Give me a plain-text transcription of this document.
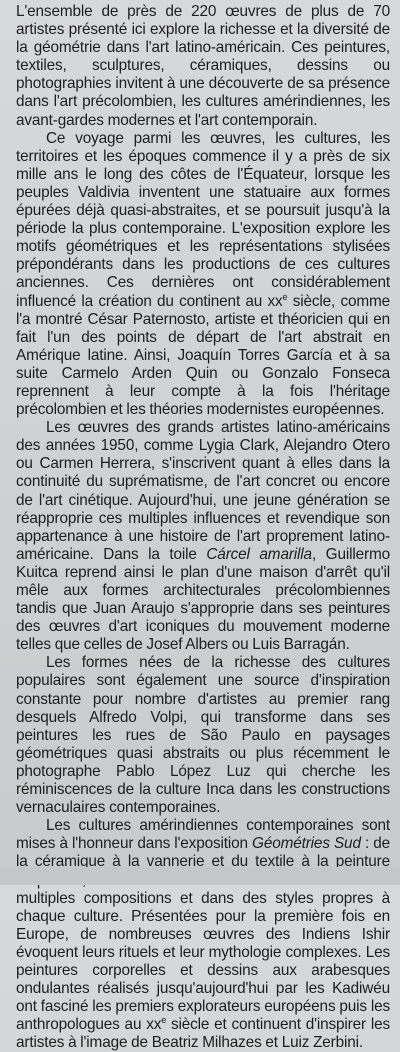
L'ensemble de près de 220 œuvres de plus de 70 artistes présenté ici explore la richesse et la diversité de la géométrie dans l'art latino-américain. Ces peintures, textiles, sculptures, céramiques, dessins ou photographies invitent à une découverte de sa présence dans l'art précolombien, les cultures amérindiennes, les avant-gardes modernes et l'art contemporain.

Ce voyage parmi les œuvres, les cultures, les territoires et les époques commence il y a près de six mille ans le long des côtes de l'Équateur, lorsque les peuples Valdivia inventent une statuaire aux formes épurées déjà quasi-abstraites, et se poursuit jusqu'à la période la plus contemporaine. L'exposition explore les motifs géométriques et les représentations stylisées prépondérants dans les productions de ces cultures anciennes. Ces dernières ont considérablement influencé la création du continent au $xx^e$ siècle, comme l'a montré César Paternosto, artiste et théoricien qui en fait l'un des points de départ de l'art abstrait en Amérique latine. Ainsi, Joaquín Torres García et à sa suite Carmelo Arden Quin ou Gonzalo Fonseca reprennent à leur compte à la fois l'héritage précolombien et les théories modernistes européennes.

Les œuvres des grands artistes latino-américains des années 1950, comme Lygia Clark, Alejandro Otero ou Carmen Herrera, s'inscrivent quant à elles dans la continuité du suprématisme, de l'art concret ou encore de l'art cinétique. Aujourd'hui, une jeune génération se réapproprie ces multiples influences et revendique son appartenance à une histoire de l'art proprement latino-américaine. Dans la toile Cárcel amarilla, Guillermo Kuitca reprend ainsi le plan d'une maison d'arrêt qu'il mêle aux formes architecturales précolombiennes tandis que Juan Araujo s'approprie dans ses peintures des œuvres d'art iconiques du mouvement moderne telles que celles de Josef Albers ou Luis Barragán.

Les formes nées de la richesse des cultures populaires sont également une source d'inspiration constante pour nombre d'artistes au premier rang desquels Alfredo Volpi, qui transforme dans ses peintures les rues de São Paulo en paysages géométriques quasi abstraits ou plus récemment le photographe Pablo López Luz qui cherche les réminiscences de la culture Inca dans les constructions vernaculaires contemporaines.

Les cultures amérindiennes contemporaines sont mises à l'honneur dans l'exposition Géométries Sud : de la céramique à la vannerie et du textile à la peinture corporelle, les motifs et couleurs se déclinent dans de multiples compositions et dans des styles propres à chaque culture. Présentées pour la première fois en Europe, de nombreuses œuvres des Indiens Ishir évoquent leurs rituels et leur mythologie complexes. Les peintures corporelles et dessins aux arabesques ondulantes réalisés jusqu'aujourd'hui par les Kadiwéu ont fasciné les premiers explorateurs européens puis les anthropologues au $xx^e$ siècle et continuent d'inspirer les
